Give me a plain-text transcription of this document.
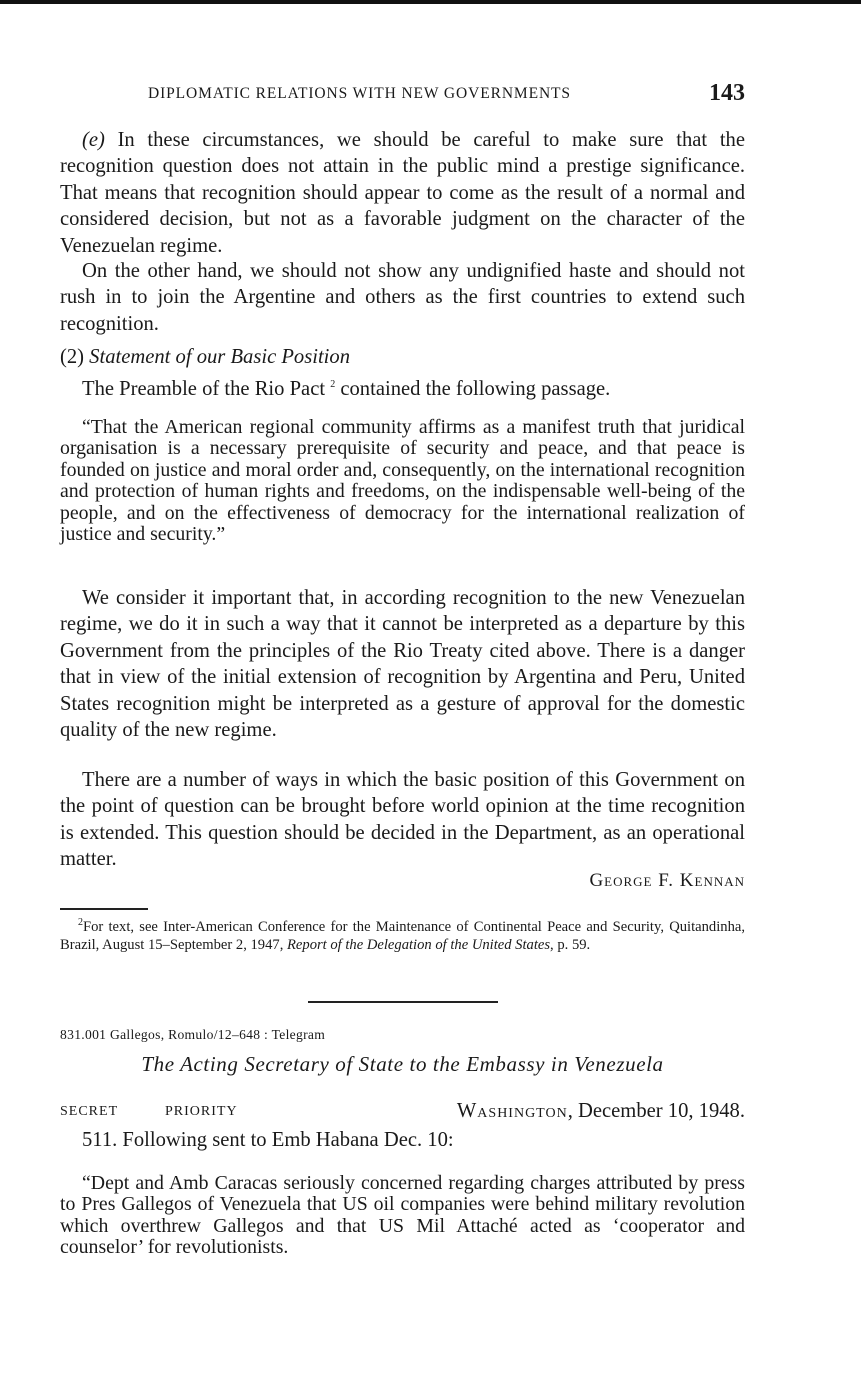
DIPLOMATIC RELATIONS WITH NEW GOVERNMENTS	143

(e) In these circumstances, we should be careful to make sure that the recognition question does not attain in the public mind a prestige significance. That means that recognition should appear to come as the result of a normal and considered decision, but not as a favorable judgment on the character of the Venezuelan regime.

On the other hand, we should not show any undignified haste and should not rush in to join the Argentine and others as the first countries to extend such recognition.

(2) Statement of our Basic Position

The Preamble of the Rio Pact $^2$ contained the following passage.

“That the American regional community affirms as a manifest truth that juridical organisation is a necessary prerequisite of security and peace, and that peace is founded on justice and moral order and, consequently, on the international recognition and protection of human rights and freedoms, on the indispensable well-being of the people, and on the effectiveness of democracy for the international realization of justice and security.”

We consider it important that, in according recognition to the new Venezuelan regime, we do it in such a way that it cannot be interpreted as a departure by this Government from the principles of the Rio Treaty cited above. There is a danger that in view of the initial extension of recognition by Argentina and Peru, United States recognition might be interpreted as a gesture of approval for the domestic quality of the new regime.

There are a number of ways in which the basic position of this Government on the point of question can be brought before world opinion at the time recognition is extended. This question should be decided in the Department, as an operational matter.

George F. Kennan

$^2$For text, see Inter-American Conference for the Maintenance of Continental Peace and Security, Quitandinha, Brazil, August 15–September 2, 1947, Report of the Delegation of the United States, p. 59.

831.001 Gallegos, Romulo/12–648 : Telegram

The Acting Secretary of State to the Embassy in Venezuela

SECRET	PRIORITY	Washington, December 10, 1948.

511. Following sent to Emb Habana Dec. 10:

“Dept and Amb Caracas seriously concerned regarding charges attributed by press to Pres Gallegos of Venezuela that US oil companies were behind military revolution which overthrew Gallegos and that US Mil Attaché acted as ‘cooperator and counselor’ for revolutionists.
